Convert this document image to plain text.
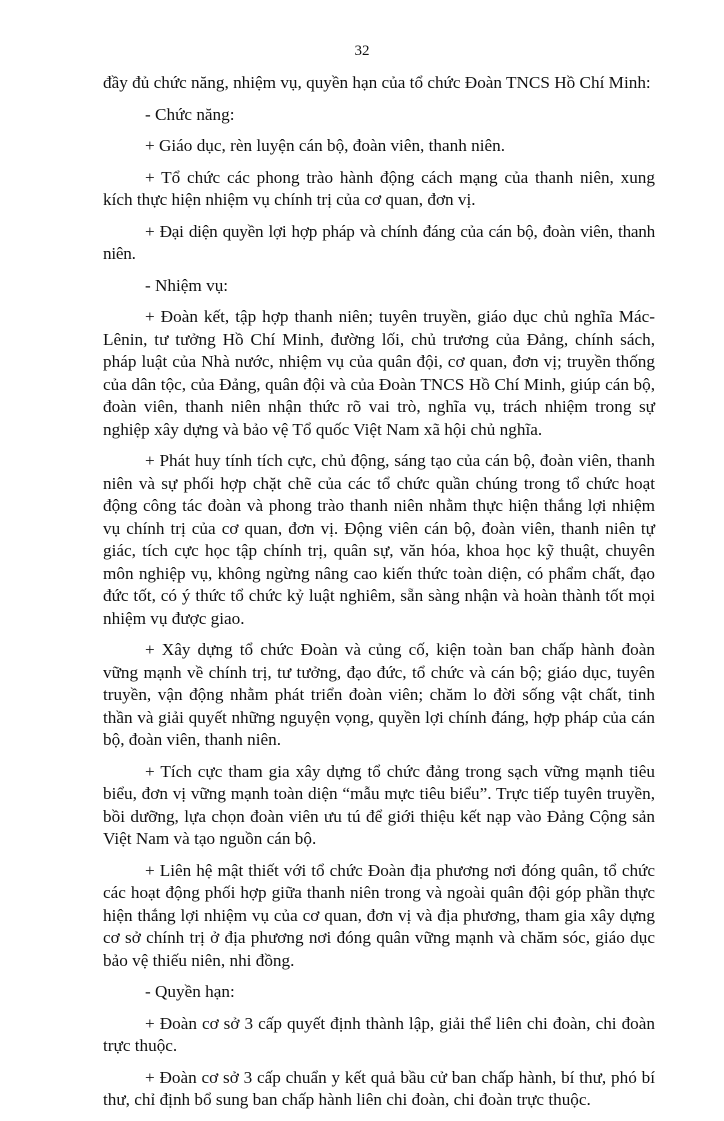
32

đầy đủ chức năng, nhiệm vụ, quyền hạn của tổ chức Đoàn TNCS Hồ Chí Minh:

- Chức năng:

+ Giáo dục, rèn luyện cán bộ, đoàn viên, thanh niên.

+ Tổ chức các phong trào hành động cách mạng của thanh niên, xung kích thực hiện nhiệm vụ chính trị của cơ quan, đơn vị.

+ Đại diện quyền lợi hợp pháp và chính đáng của cán bộ, đoàn viên, thanh niên.

- Nhiệm vụ:

+ Đoàn kết, tập hợp thanh niên; tuyên truyền, giáo dục chủ nghĩa Mác-Lênin, tư tưởng Hồ Chí Minh, đường lối, chủ trương của Đảng, chính sách, pháp luật của Nhà nước, nhiệm vụ của quân đội, cơ quan, đơn vị; truyền thống của dân tộc, của Đảng, quân đội và của Đoàn TNCS Hồ Chí Minh, giúp cán bộ, đoàn viên, thanh niên nhận thức rõ vai trò, nghĩa vụ, trách nhiệm trong sự nghiệp xây dựng và bảo vệ Tổ quốc Việt Nam xã hội chủ nghĩa.

+ Phát huy tính tích cực, chủ động, sáng tạo của cán bộ, đoàn viên, thanh niên và sự phối hợp chặt chẽ của các tổ chức quần chúng trong tổ chức hoạt động công tác đoàn và phong trào thanh niên nhằm thực hiện thắng lợi nhiệm vụ chính trị của cơ quan, đơn vị. Động viên cán bộ, đoàn viên, thanh niên tự giác, tích cực học tập chính trị, quân sự, văn hóa, khoa học kỹ thuật, chuyên môn nghiệp vụ, không ngừng nâng cao kiến thức toàn diện, có phẩm chất, đạo đức tốt, có ý thức tổ chức kỷ luật nghiêm, sẵn sàng nhận và hoàn thành tốt mọi nhiệm vụ được giao.

+ Xây dựng tổ chức Đoàn và củng cố, kiện toàn ban chấp hành đoàn vững mạnh về chính trị, tư tưởng, đạo đức, tổ chức và cán bộ; giáo dục, tuyên truyền, vận động nhằm phát triển đoàn viên; chăm lo đời sống vật chất, tinh thần và giải quyết những nguyện vọng, quyền lợi chính đáng, hợp pháp của cán bộ, đoàn viên, thanh niên.

+ Tích cực tham gia xây dựng tổ chức đảng trong sạch vững mạnh tiêu biểu, đơn vị vững mạnh toàn diện “mẫu mực tiêu biểu”. Trực tiếp tuyên truyền, bồi dưỡng, lựa chọn đoàn viên ưu tú để giới thiệu kết nạp vào Đảng Cộng sản Việt Nam và tạo nguồn cán bộ.

+ Liên hệ mật thiết với tổ chức Đoàn địa phương nơi đóng quân, tổ chức các hoạt động phối hợp giữa thanh niên trong và ngoài quân đội góp phần thực hiện thắng lợi nhiệm vụ của cơ quan, đơn vị và địa phương, tham gia xây dựng cơ sở chính trị ở địa phương nơi đóng quân vững mạnh và chăm sóc, giáo dục bảo vệ thiếu niên, nhi đồng.

- Quyền hạn:

+ Đoàn cơ sở 3 cấp quyết định thành lập, giải thể liên chi đoàn, chi đoàn trực thuộc.

+ Đoàn cơ sở 3 cấp chuẩn y kết quả bầu cử ban chấp hành, bí thư, phó bí thư, chỉ định bổ sung ban chấp hành liên chi đoàn, chi đoàn trực thuộc.
